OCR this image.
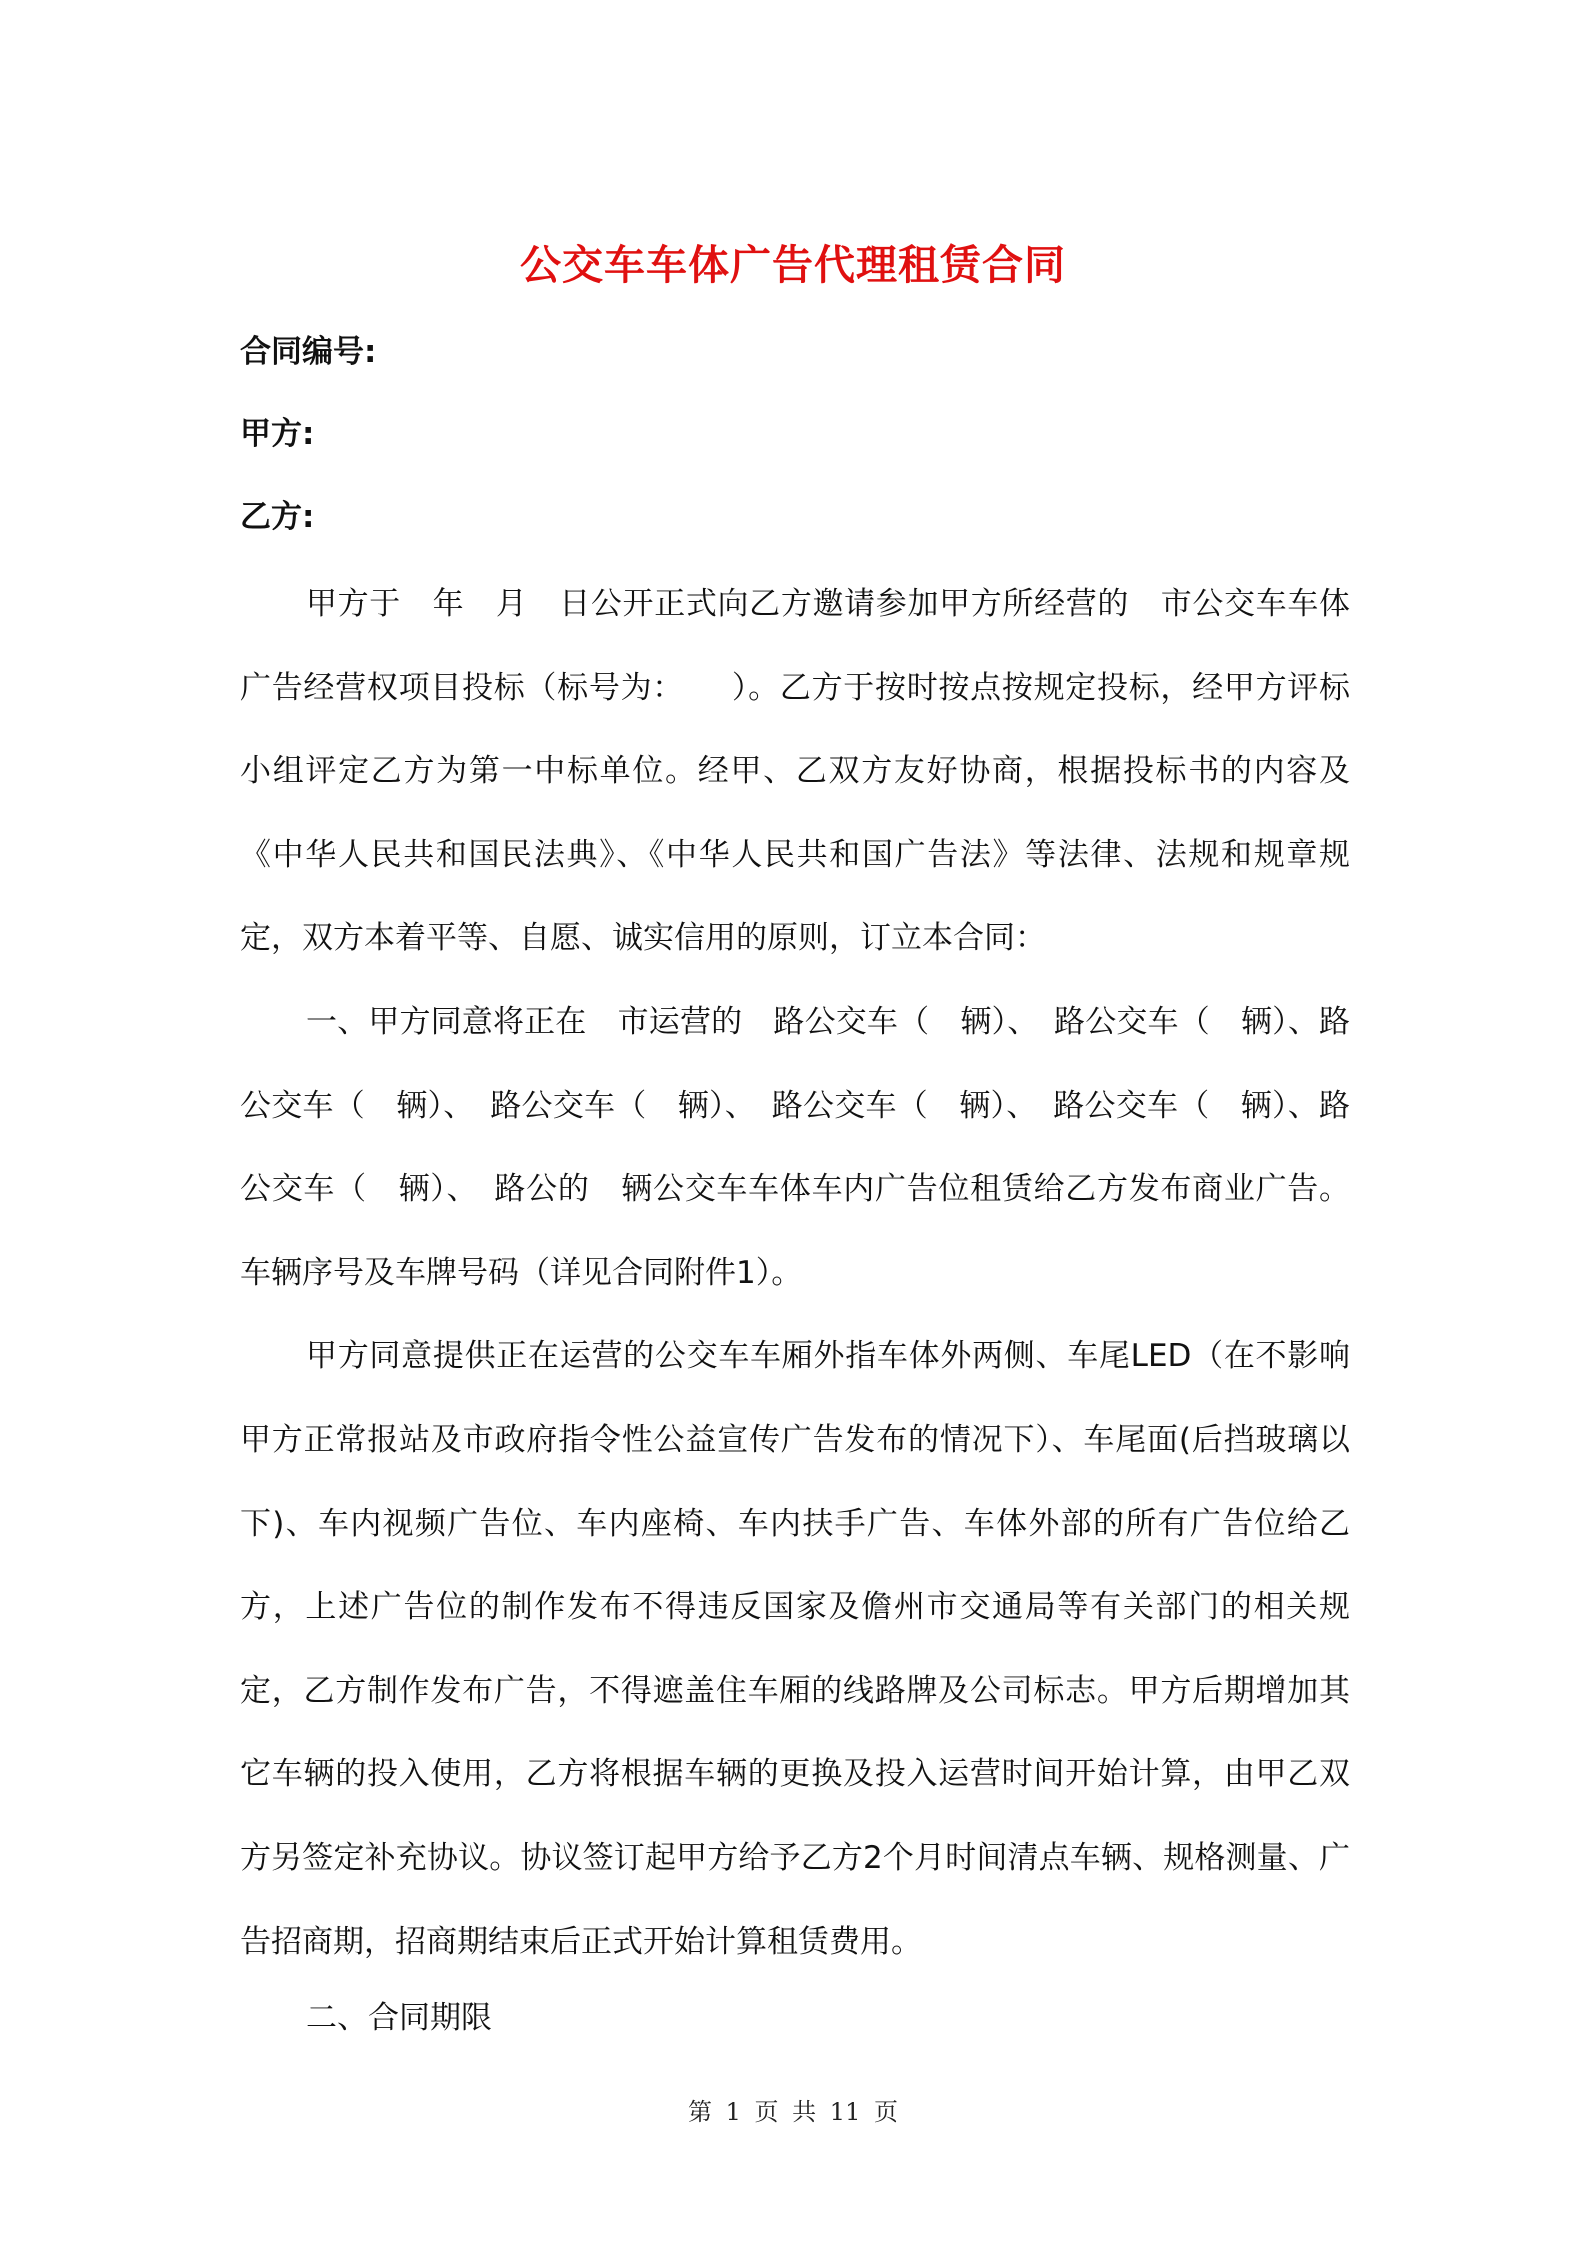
公交车车体广告代理租赁合同
合同编号:
甲方:
乙方:

甲方于　年　月　日公开正式向乙方邀请参加甲方所经营的　市公交车车体广告经营权项目投标（标号为：　　）。乙方于按时按点按规定投标，经甲方评标小组评定乙方为第一中标单位。经甲、乙双方友好协商，根据投标书的内容及《中华人民共和国民法典》、《中华人民共和国广告法》等法律、法规和规章规定，双方本着平等、自愿、诚实信用的原则，订立本合同：

一、甲方同意将正在　市运营的　路公交车（　辆）、　路公交车（　辆）、路公交车（　辆）、　路公交车（　辆）、　路公交车（　辆）、　路公交车（　辆）、路公交车（　辆）、　路公的　辆公交车车体车内广告位租赁给乙方发布商业广告。车辆序号及车牌号码（详见合同附件1）。

甲方同意提供正在运营的公交车车厢外指车体外两侧、车尾LED（在不影响甲方正常报站及市政府指令性公益宣传广告发布的情况下）、车尾面(后挡玻璃以下)、车内视频广告位、车内座椅、车内扶手广告、车体外部的所有广告位给乙方，上述广告位的制作发布不得违反国家及儋州市交通局等有关部门的相关规定，乙方制作发布广告，不得遮盖住车厢的线路牌及公司标志。甲方后期增加其它车辆的投入使用，乙方将根据车辆的更换及投入运营时间开始计算，由甲乙双方另签定补充协议。协议签订起甲方给予乙方2个月时间清点车辆、规格测量、广告招商期，招商期结束后正式开始计算租赁费用。

二、合同期限
第 1 页 共 11 页
